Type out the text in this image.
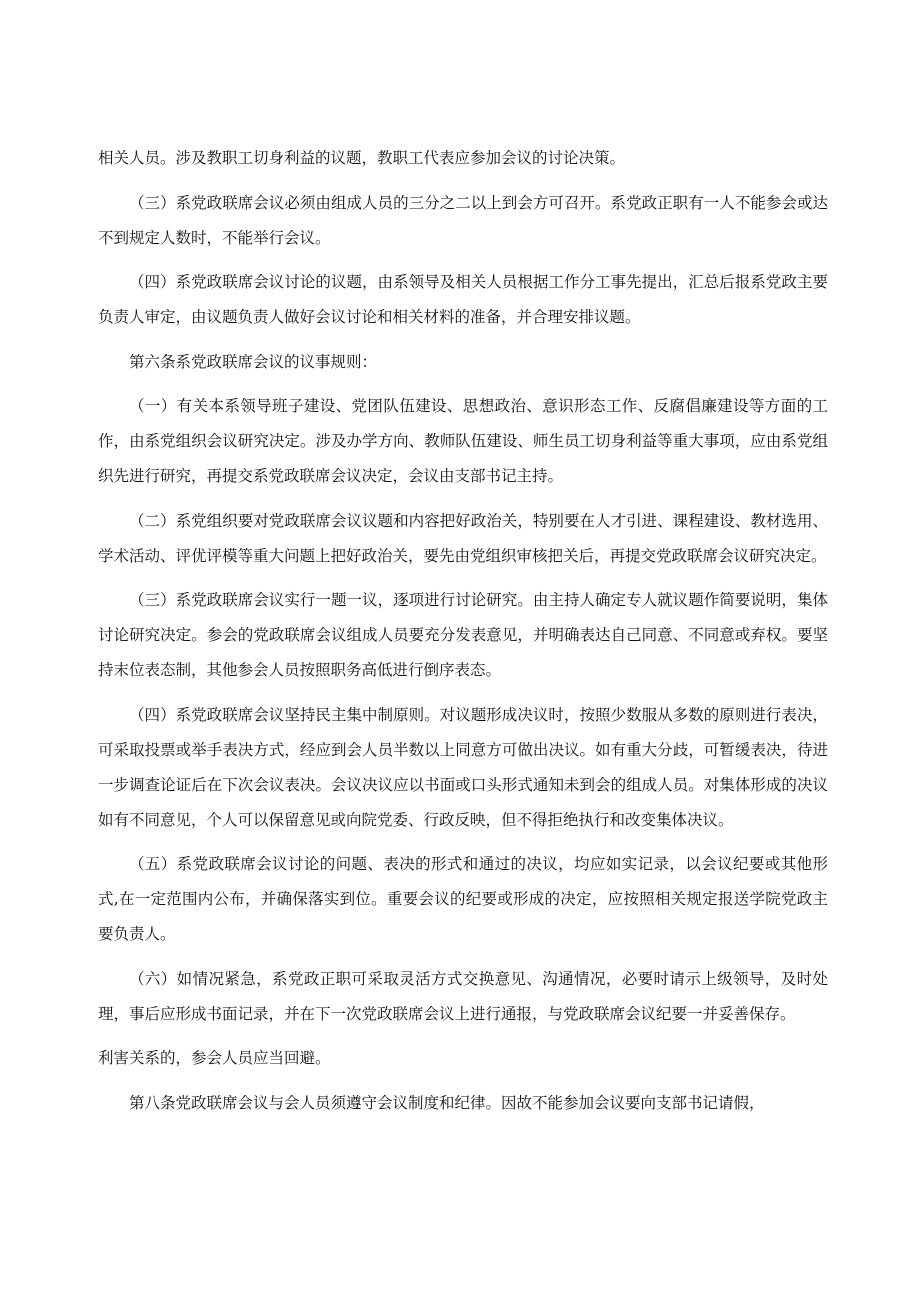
相关人员。涉及教职工切身利益的议题，教职工代表应参加会议的讨论决策。

（三）系党政联席会议必须由组成人员的三分之二以上到会方可召开。系党政正职有一人不能参会或达不到规定人数时，不能举行会议。

（四）系党政联席会议讨论的议题，由系领导及相关人员根据工作分工事先提出，汇总后报系党政主要负责人审定，由议题负责人做好会议讨论和相关材料的准备，并合理安排议题。

第六条系党政联席会议的议事规则：

（一）有关本系领导班子建设、党团队伍建设、思想政治、意识形态工作、反腐倡廉建设等方面的工作，由系党组织会议研究决定。涉及办学方向、教师队伍建设、师生员工切身利益等重大事项，应由系党组织先进行研究，再提交系党政联席会议决定，会议由支部书记主持。

（二）系党组织要对党政联席会议议题和内容把好政治关，特别要在人才引进、课程建设、教材选用、学术活动、评优评模等重大问题上把好政治关，要先由党组织审核把关后，再提交党政联席会议研究决定。

（三）系党政联席会议实行一题一议，逐项进行讨论研究。由主持人确定专人就议题作简要说明，集体讨论研究决定。参会的党政联席会议组成人员要充分发表意见，并明确表达自己同意、不同意或弃权。要坚持末位表态制，其他参会人员按照职务高低进行倒序表态。

（四）系党政联席会议坚持民主集中制原则。对议题形成决议时，按照少数服从多数的原则进行表决，可采取投票或举手表决方式，经应到会人员半数以上同意方可做出决议。如有重大分歧，可暂缓表决，待进一步调查论证后在下次会议表决。会议决议应以书面或口头形式通知未到会的组成人员。对集体形成的决议如有不同意见，个人可以保留意见或向院党委、行政反映，但不得拒绝执行和改变集体决议。

（五）系党政联席会议讨论的问题、表决的形式和通过的决议，均应如实记录，以会议纪要或其他形式,在一定范围内公布，并确保落实到位。重要会议的纪要或形成的决定，应按照相关规定报送学院党政主要负责人。

（六）如情况紧急，系党政正职可采取灵活方式交换意见、沟通情况，必要时请示上级领导，及时处理，事后应形成书面记录，并在下一次党政联席会议上进行通报，与党政联席会议纪要一并妥善保存。

利害关系的，参会人员应当回避。

第八条党政联席会议与会人员须遵守会议制度和纪律。因故不能参加会议要向支部书记请假，
